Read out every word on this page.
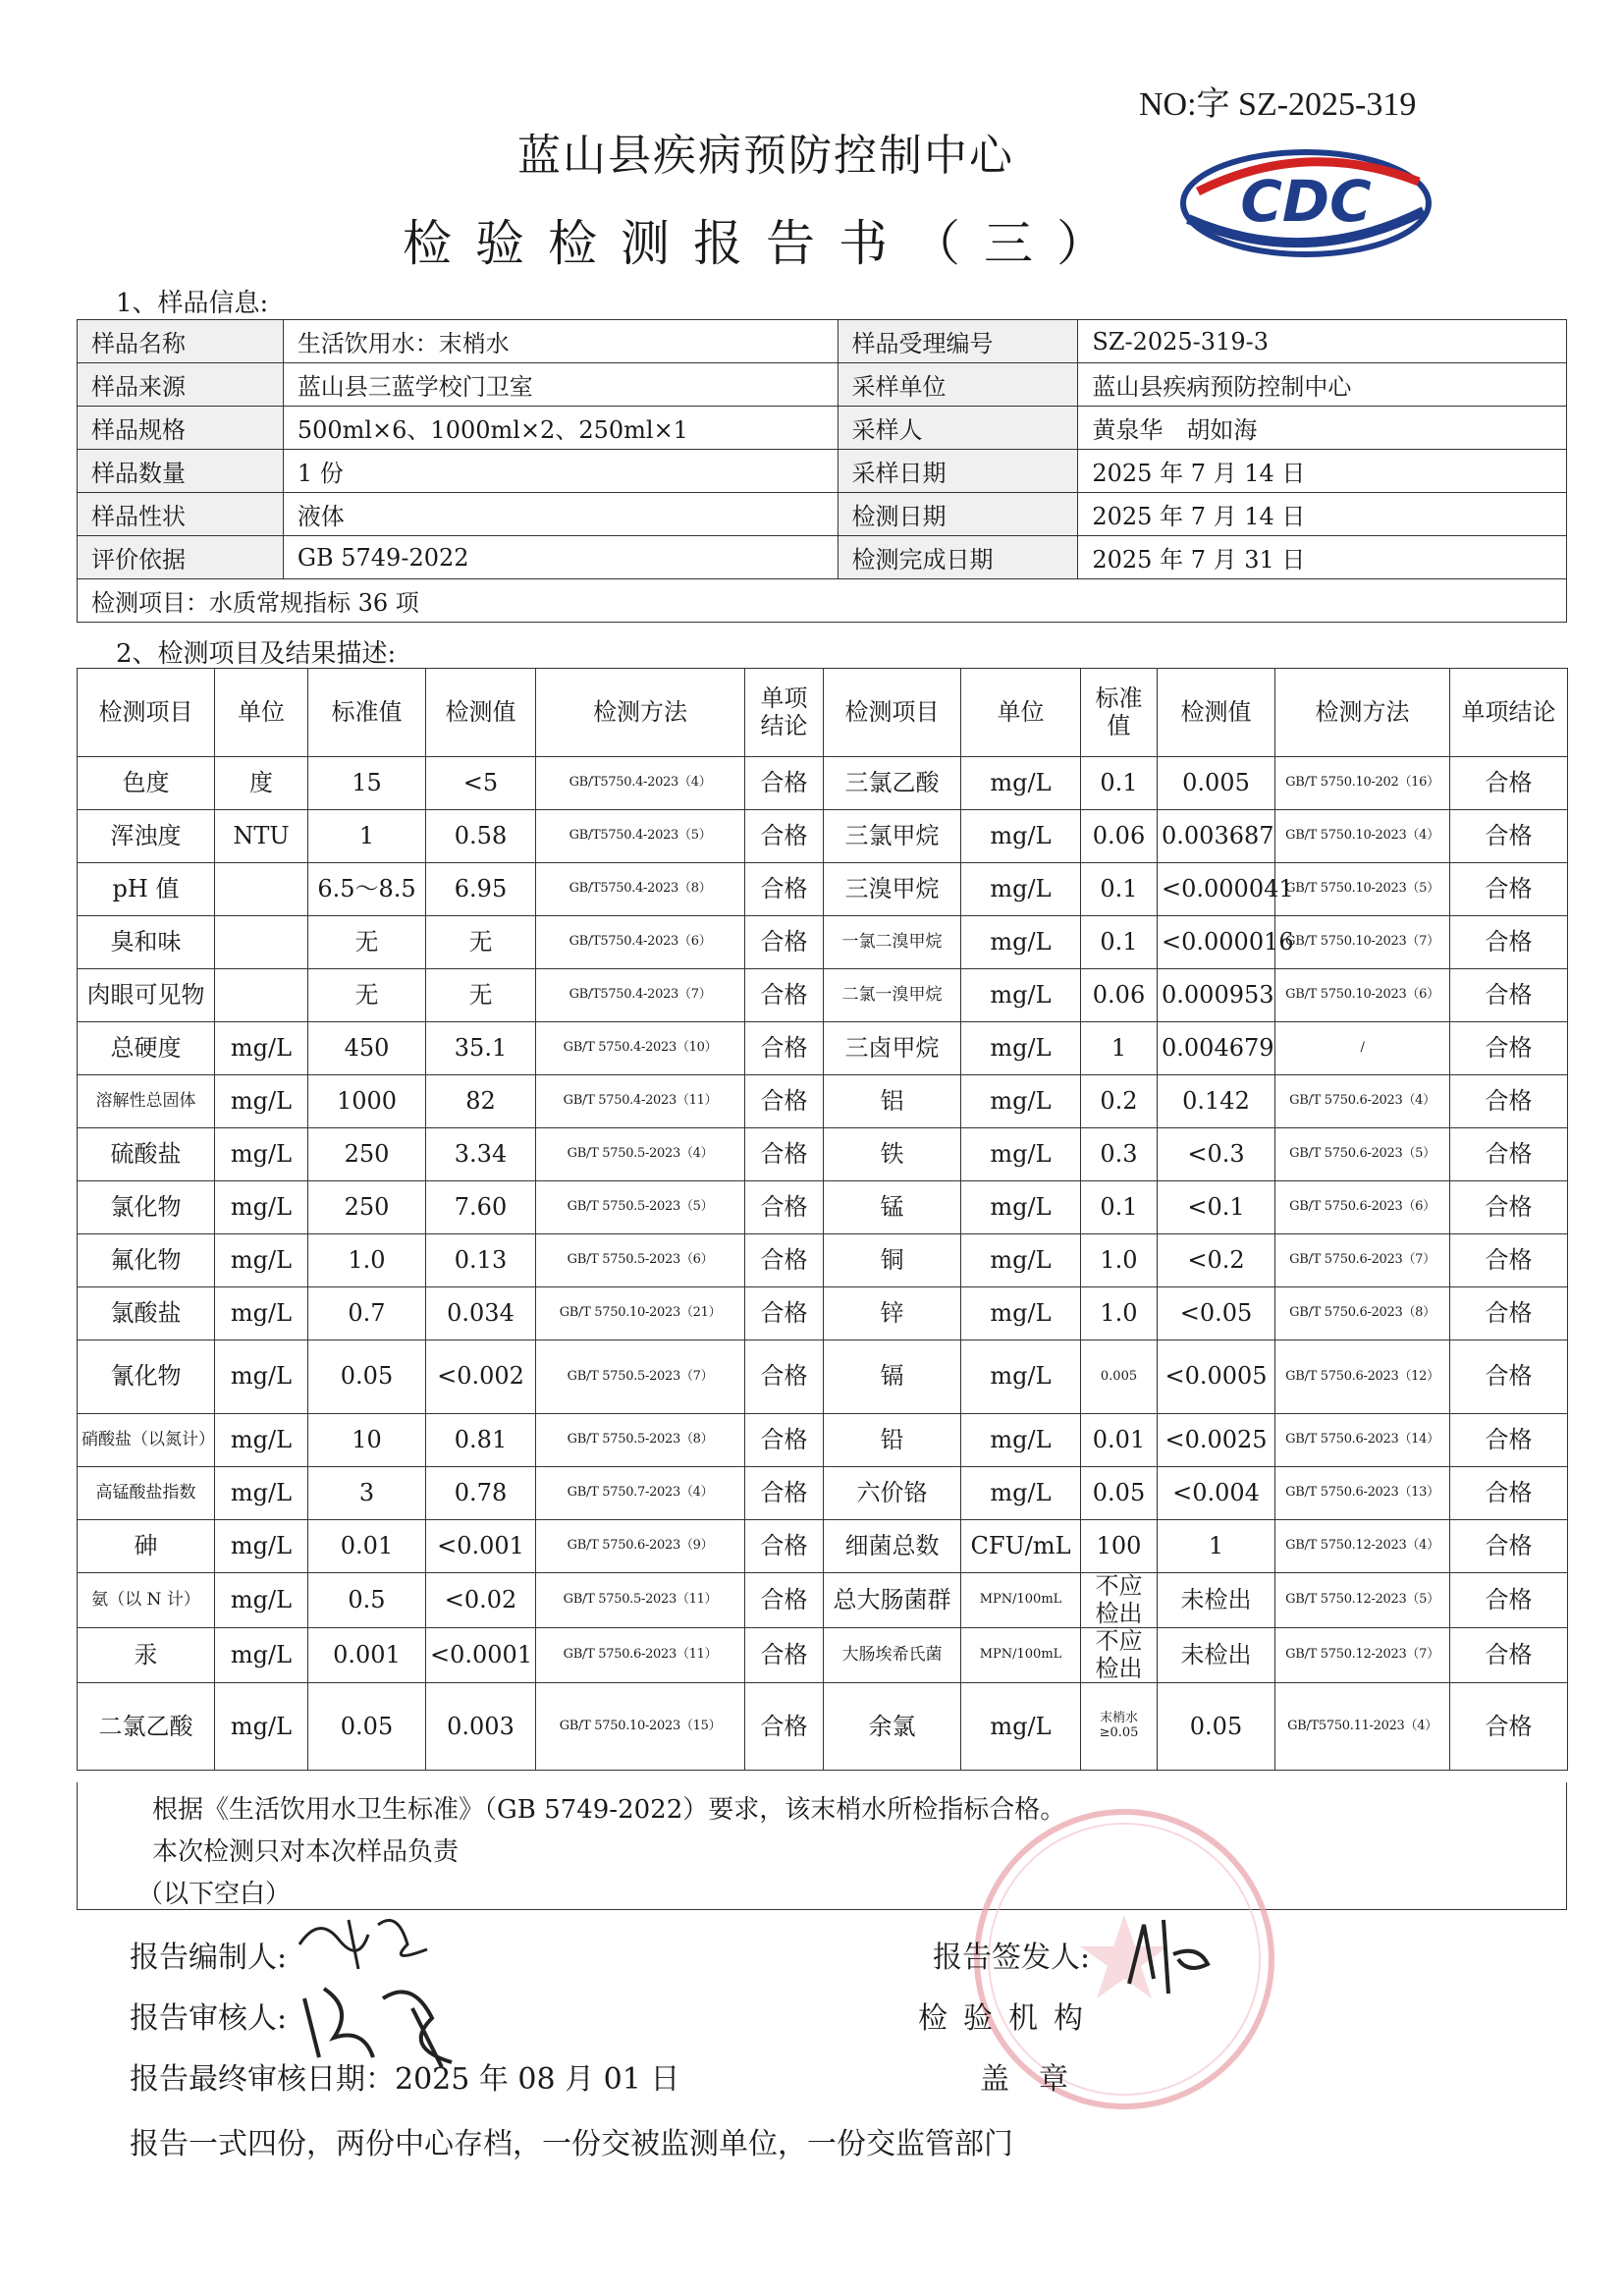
NO:字 SZ-2025-319
蓝山县疾病预防控制中心
检验检测报告书（三）
CDC
1、样品信息:
样品名称	生活饮用水：末梢水	样品受理编号	SZ-2025-319-3
样品来源	蓝山县三蓝学校门卫室	采样单位	蓝山县疾病预防控制中心
样品规格	500ml×6、1000ml×2、250ml×1	采样人	黄泉华　胡如海
样品数量	1 份	采样日期	2025 年 7 月 14 日
样品性状	液体	检测日期	2025 年 7 月 14 日
评价依据	GB 5749-2022	检测完成日期	2025 年 7 月 31 日
检测项目：水质常规指标 36 项			
2、检测项目及结果描述:
检测项目	单位	标准值	检测值	检测方法	单项结论	检测项目	单位	标准值	检测值	检测方法	单项结论
色度	度	15	<5	GB/T5750.4-2023（4）	合格	三氯乙酸	mg/L	0.1	0.005	GB/T 5750.10-202（16）	合格
浑浊度	NTU	1	0.58	GB/T5750.4-2023（5）	合格	三氯甲烷	mg/L	0.06	0.003687	GB/T 5750.10-2023（4）	合格
pH 值		6.5～8.5	6.95	GB/T5750.4-2023（8）	合格	三溴甲烷	mg/L	0.1	<0.000041	GB/T 5750.10-2023（5）	合格
臭和味		无	无	GB/T5750.4-2023（6）	合格	一氯二溴甲烷	mg/L	0.1	<0.000016	GB/T 5750.10-2023（7）	合格
肉眼可见物		无	无	GB/T5750.4-2023（7）	合格	二氯一溴甲烷	mg/L	0.06	0.000953	GB/T 5750.10-2023（6）	合格
总硬度	mg/L	450	35.1	GB/T 5750.4-2023（10）	合格	三卤甲烷	mg/L	1	0.004679	/	合格
溶解性总固体	mg/L	1000	82	GB/T 5750.4-2023（11）	合格	铝	mg/L	0.2	0.142	GB/T 5750.6-2023（4）	合格
硫酸盐	mg/L	250	3.34	GB/T 5750.5-2023（4）	合格	铁	mg/L	0.3	<0.3	GB/T 5750.6-2023（5）	合格
氯化物	mg/L	250	7.60	GB/T 5750.5-2023（5）	合格	锰	mg/L	0.1	<0.1	GB/T 5750.6-2023（6）	合格
氟化物	mg/L	1.0	0.13	GB/T 5750.5-2023（6）	合格	铜	mg/L	1.0	<0.2	GB/T 5750.6-2023（7）	合格
氯酸盐	mg/L	0.7	0.034	GB/T 5750.10-2023（21）	合格	锌	mg/L	1.0	<0.05	GB/T 5750.6-2023（8）	合格
氰化物	mg/L	0.05	<0.002	GB/T 5750.5-2023（7）	合格	镉	mg/L	0.005	<0.0005	GB/T 5750.6-2023（12）	合格
硝酸盐（以氮计）	mg/L	10	0.81	GB/T 5750.5-2023（8）	合格	铅	mg/L	0.01	<0.0025	GB/T 5750.6-2023（14）	合格
高锰酸盐指数	mg/L	3	0.78	GB/T 5750.7-2023（4）	合格	六价铬	mg/L	0.05	<0.004	GB/T 5750.6-2023（13）	合格
砷	mg/L	0.01	<0.001	GB/T 5750.6-2023（9）	合格	细菌总数	CFU/mL	100	1	GB/T 5750.12-2023（4）	合格
氨（以 N 计）	mg/L	0.5	<0.02	GB/T 5750.5-2023（11）	合格	总大肠菌群	MPN/100mL	不应检出	未检出	GB/T 5750.12-2023（5）	合格
汞	mg/L	0.001	<0.0001	GB/T 5750.6-2023（11）	合格	大肠埃希氏菌	MPN/100mL	不应检出	未检出	GB/T 5750.12-2023（7）	合格
二氯乙酸	mg/L	0.05	0.003	GB/T 5750.10-2023（15）	合格	余氯	mg/L	末梢水≥0.05	0.05	GB/T5750.11-2023（4）	合格
根据《生活饮用水卫生标准》（GB 5749-2022）要求，该末梢水所检指标合格。
本次检测只对本次样品负责
（以下空白）
报告编制人:
报告审核人:
报告最终审核日期：2025 年 08 月 01 日
报告签发人:
检验机构
盖章
报告一式四份，两份中心存档，一份交被监测单位，一份交监管部门
